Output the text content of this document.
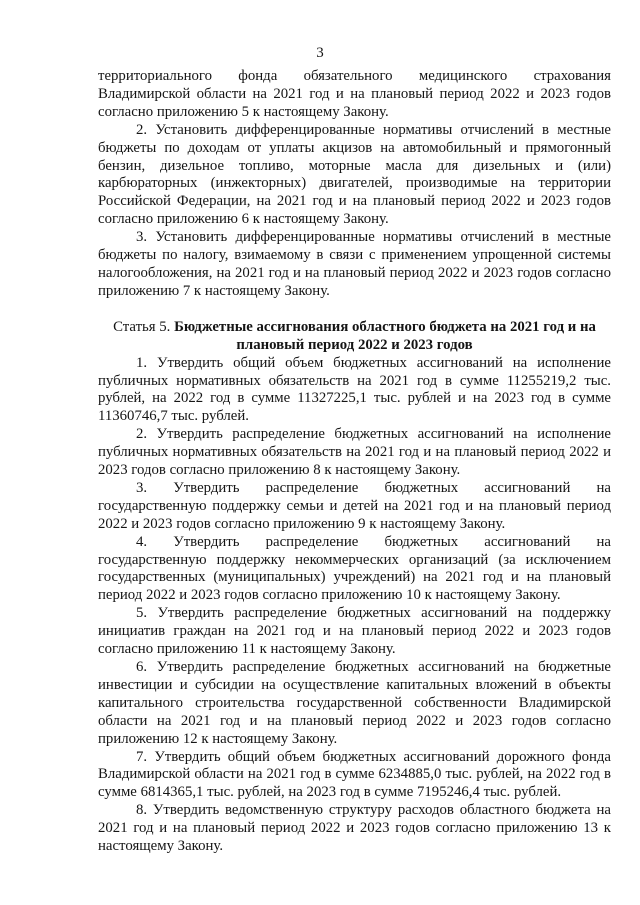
3

территориального фонда обязательного медицинского страхования Владимирской области на 2021 год и на плановый период 2022 и 2023 годов согласно приложению 5 к настоящему Закону.

2. Установить дифференцированные нормативы отчислений в местные бюджеты по доходам от уплаты акцизов на автомобильный и прямогонный бензин, дизельное топливо, моторные масла для дизельных и (или) карбюраторных (инжекторных) двигателей, производимые на территории Российской Федерации, на 2021 год и на плановый период 2022 и 2023 годов согласно приложению 6 к настоящему Закону.

3. Установить дифференцированные нормативы отчислений в местные бюджеты по налогу, взимаемому в связи с применением упрощенной системы налогообложения, на 2021 год и на плановый период 2022 и 2023 годов согласно приложению 7 к настоящему Закону.

Статья 5. Бюджетные ассигнования областного бюджета на 2021 год и на плановый период 2022 и 2023 годов

1. Утвердить общий объем бюджетных ассигнований на исполнение публичных нормативных обязательств на 2021 год в сумме 11255219,2 тыс. рублей, на 2022 год в сумме 11327225,1 тыс. рублей и на 2023 год в сумме 11360746,7 тыс. рублей.

2. Утвердить распределение бюджетных ассигнований на исполнение публичных нормативных обязательств на 2021 год и на плановый период 2022 и 2023 годов согласно приложению 8 к настоящему Закону.

3. Утвердить распределение бюджетных ассигнований на государственную поддержку семьи и детей на 2021 год и на плановый период 2022 и 2023 годов согласно приложению 9 к настоящему Закону.

4. Утвердить распределение бюджетных ассигнований на государственную поддержку некоммерческих организаций (за исключением государственных (муниципальных) учреждений) на 2021 год и на плановый период 2022 и 2023 годов согласно приложению 10 к настоящему Закону.

5. Утвердить распределение бюджетных ассигнований на поддержку инициатив граждан на 2021 год и на плановый период 2022 и 2023 годов согласно приложению 11 к настоящему Закону.

6. Утвердить распределение бюджетных ассигнований на бюджетные инвестиции и субсидии на осуществление капитальных вложений в объекты капитального строительства государственной собственности Владимирской области на 2021 год и на плановый период 2022 и 2023 годов согласно приложению 12 к настоящему Закону.

7. Утвердить общий объем бюджетных ассигнований дорожного фонда Владимирской области на 2021 год в сумме 6234885,0 тыс. рублей, на 2022 год в сумме 6814365,1 тыс. рублей, на 2023 год в сумме 7195246,4 тыс. рублей.

8. Утвердить ведомственную структуру расходов областного бюджета на 2021 год и на плановый период 2022 и 2023 годов согласно приложению 13 к настоящему Закону.
